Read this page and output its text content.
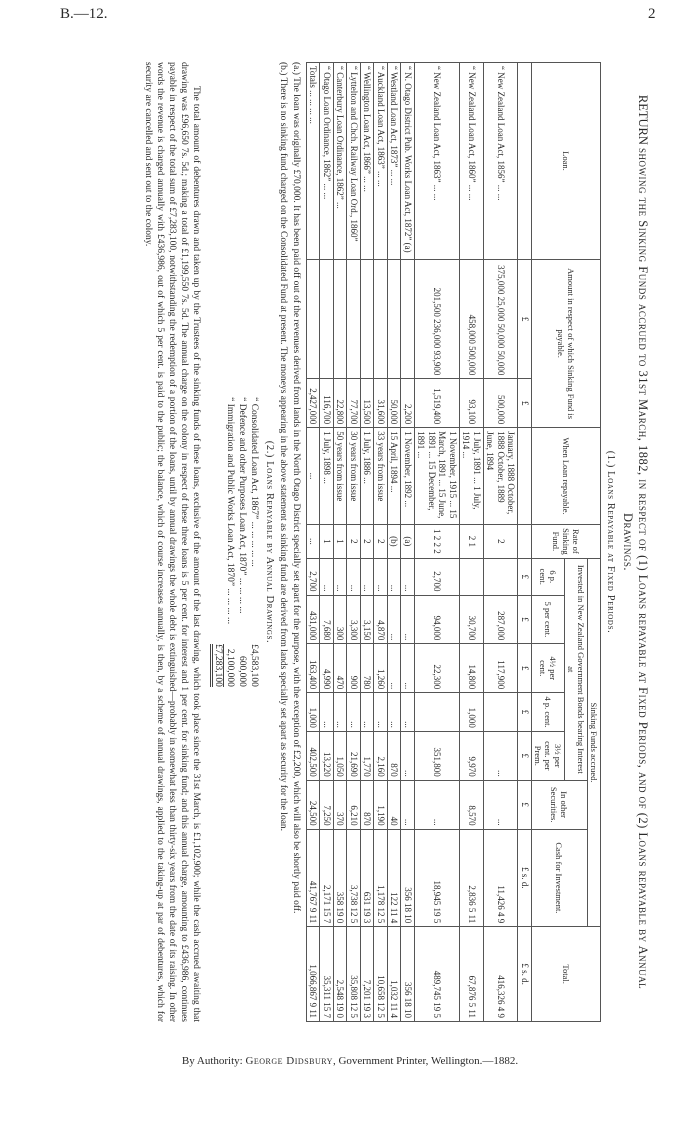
B.—12.	2
RETURN showing the Sinking Funds accrued to 31st March, 1882, in respect of (1) Loans repayable at Fixed Periods, and of (2) Loans repayable by Annual Drawings.
(1.) Loans Repayable at Fixed Periods.
Loan.	Amount in respect of which Sinking Fund is payable.		When Loan repayable.	Rate of Sinking Fund.	Sinking Funds accrued.							Total.
					Invested in New Zealand Government Bonds bearing Interest at					In other Securities.	Cash for Investment.	
					6 p. cent.	5 per cent.	4½ per cent.	4 p. cent.	3½ per cent. per Prem.			
	£	£			£	£	£	£	£	£	£ s. d.	£ s. d.
“ New Zealand Loan Act, 1856” ... ...	375,000 25,000 50,000 50,000	500,000	January, 1888 October, 1888 October, 1889 June, 1894	2		287,000	117,900		...	...	11,426 4 9	416,326 4 9
“ New Zealand Loan Act, 1860” ... ...	458,000 500,000	93,100	1 July, 1891 ... 1 July, 1914 ...	2 1		30,700	14,800	1,000	9,970	8,570	2,836 5 11	67,876 5 11
“ New Zealand Loan Act, 1863” ... ...	201,500 236,000 93,900	1,519,400	1 November, 1915 ... 15 March, 1891 ... 15 June, 1891 ... 15 December, 1891 ...	1 2 2 2	2,700	94,000	22,300		351,800	...	18,945 19 5	489,745 19 5
“ N. Otago District Pub. Works Loan Act, 1872” (a)		2,200	1 November, 1892 ...	(a)	...	...	...	...	...	...	356 18 10	356 18 10
“ Westland Loan Act, 1873” ... ...		50,000	15 April, 1894 ...	(b)	...	...	...	...	870	40	122 11 4	1,032 11 4
“ Auckland Loan Act, 1863” ... ...		31,600	33 years from issue	2	...	4,870	1,260	...	2,160	1,190	1,178 12 5	10,658 12 5
“ Wellington Loan Act, 1866” ... ...		13,500	1 July, 1886 ...	2	...	3,150	780	...	1,770	870	631 19 3	7,201 19 3
“ Lyttelton and Chch. Railway Loan Ord., 1860”		77,700	30 years from issue	2	...	3,300	900	...	21,690	6,210	3,738 12 5	35,808 12 5
“ Canterbury Loan Ordinance, 1862” ...		22,800	50 years from issue	1	...	300	470	...	1,050	370	358 19 0	2,548 19 0
“ Otago Loan Ordinance, 1862” ... ...		116,700	1 July, 1898 ...	1	...	7,680	4,990	...	13,220	7,250	2,171 15 7	35,311 15 7
Totals ... ... ... ...		2,427,000	...	...	2,700	431,000	163,400	1,000	402,500	24,500	41,767 9 11	1,066,867 9 11

(a.) The loan was originally £70,000. It has been paid off out of the revenues derived from lands in the North Otago District specially set apart for the purpose, with the exception of £2,200, which will also be shortly paid off.

(b.) There is no sinking fund charged on the Consolidated Fund at present. The moneys appearing in the above statement as sinking fund are derived from lands specially set apart as security for the loan.

(2.) Loans Repayable by Annual Drawings.
“ Consolidated Loan Act, 1867” ... ... ... ... ...	£4,583,100
“ Defence and other Purposes Loan Act, 1870” ... ... ... ...	600,000
“ Immigration and Public Works Loan Act, 1870” ... ... ... ...	2,100,000
	£7,283,100
The total amount of debentures drawn and taken up by the Trustees of the sinking funds of these loans, exclusive of the amount of the last drawing, which took place since the 31st March, is £1,102,900; while the cash accrued awaiting that drawing was £96,650 7s. 5d.; making a total of £1,199,550 7s. 5d. The annual charge on the colony in respect of these three loans is 5 per cent. for interest and 1 per cent. for sinking fund; and this annual charge, amounting to £436,986, continues payable in respect of the total sum of £7,283,100, notwithstanding the redemption of a portion of the loans, until by annual drawings the whole debt is extinguished—probably in somewhat less than thirty-six years from the date of its raising. In other words the revenue is charged annually with £436,986, out of which 5 per cent. is paid to the public; the balance, which of course increases annually, is then, by a scheme of annual drawings, applied to the taking-up at par of debentures, which for security are cancelled and sent out to the colony.
By Authority: George Didsbury, Government Printer, Wellington.—1882.
